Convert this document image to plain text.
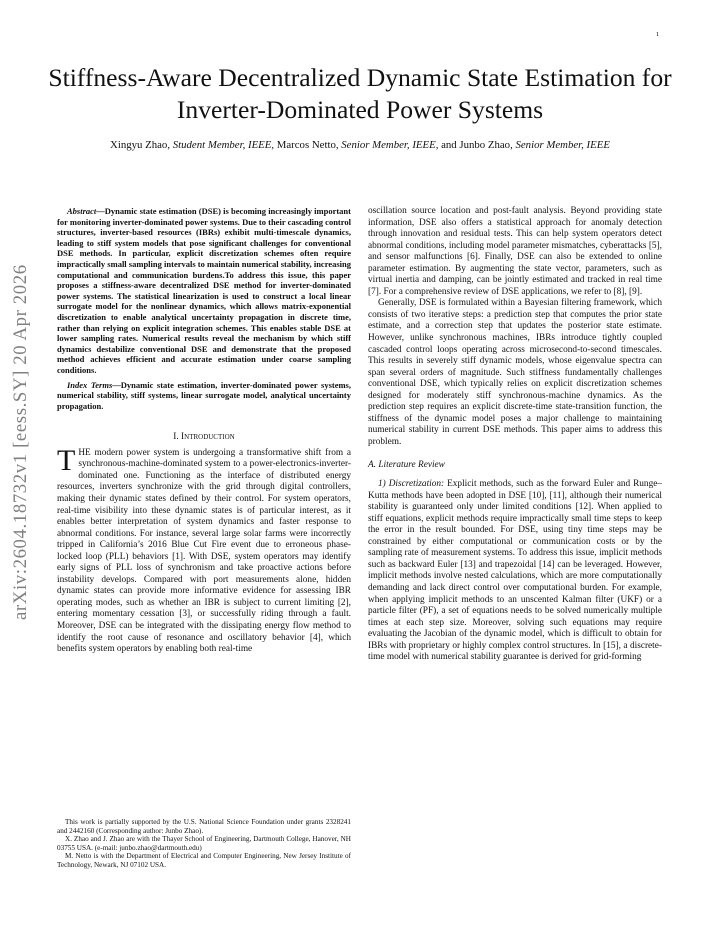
1
Stiffness-Aware Decentralized Dynamic State Estimation for Inverter-Dominated Power Systems
Xingyu Zhao, Student Member, IEEE, Marcos Netto, Senior Member, IEEE, and Junbo Zhao, Senior Member, IEEE
arXiv:2604.18732v1 [eess.SY] 20 Apr 2026

Abstract—Dynamic state estimation (DSE) is becoming increasingly important for monitoring inverter-dominated power systems. Due to their cascading control structures, inverter-based resources (IBRs) exhibit multi-timescale dynamics, leading to stiff system models that pose significant challenges for conventional DSE methods. In particular, explicit discretization schemes often require impractically small sampling intervals to maintain numerical stability, increasing computational and communication burdens.To address this issue, this paper proposes a stiffness-aware decentralized DSE method for inverter-dominated power systems. The statistical linearization is used to construct a local linear surrogate model for the nonlinear dynamics, which allows matrix-exponential discretization to enable analytical uncertainty propagation in discrete time, rather than relying on explicit integration schemes. This enables stable DSE at lower sampling rates. Numerical results reveal the mechanism by which stiff dynamics destabilize conventional DSE and demonstrate that the proposed method achieves efficient and accurate estimation under coarse sampling conditions.

Index Terms—Dynamic state estimation, inverter-dominated power systems, numerical stability, stiff systems, linear surrogate model, analytical uncertainty propagation.

I. Introduction

THE modern power system is undergoing a transformative shift from a synchronous-machine-dominated system to a power-electronics-inverter-dominated one. Functioning as the interface of distributed energy resources, inverters synchronize with the grid through digital controllers, making their dynamic states defined by their control. For system operators, real-time visibility into these dynamic states is of particular interest, as it enables better interpretation of system dynamics and faster response to abnormal conditions. For instance, several large solar farms were incorrectly tripped in California’s 2016 Blue Cut Fire event due to erroneous phase-locked loop (PLL) behaviors [1]. With DSE, system operators may identify early signs of PLL loss of synchronism and take proactive actions before instability develops. Compared with port measurements alone, hidden dynamic states can provide more informative evidence for assessing IBR operating modes, such as whether an IBR is subject to current limiting [2], entering momentary cessation [3], or successfully riding through a fault. Moreover, DSE can be integrated with the dissipating energy flow method to identify the root cause of resonance and oscillatory behavior [4], which benefits system operators by enabling both real-time

oscillation source location and post-fault analysis. Beyond providing state information, DSE also offers a statistical approach for anomaly detection through innovation and residual tests. This can help system operators detect abnormal conditions, including model parameter mismatches, cyberattacks [5], and sensor malfunctions [6]. Finally, DSE can also be extended to online parameter estimation. By augmenting the state vector, parameters, such as virtual inertia and damping, can be jointly estimated and tracked in real time [7]. For a comprehensive review of DSE applications, we refer to [8], [9].

Generally, DSE is formulated within a Bayesian filtering framework, which consists of two iterative steps: a prediction step that computes the prior state estimate, and a correction step that updates the posterior state estimate. However, unlike synchronous machines, IBRs introduce tightly coupled cascaded control loops operating across microsecond-to-second timescales. This results in severely stiff dynamic models, whose eigenvalue spectra can span several orders of magnitude. Such stiffness fundamentally challenges conventional DSE, which typically relies on explicit discretization schemes designed for moderately stiff synchronous-machine dynamics. As the prediction step requires an explicit discrete-time state-transition function, the stiffness of the dynamic model poses a major challenge to maintaining numerical stability in current DSE methods. This paper aims to address this problem.

A. Literature Review

1) Discretization: Explicit methods, such as the forward Euler and Runge–Kutta methods have been adopted in DSE [10], [11], although their numerical stability is guaranteed only under limited conditions [12]. When applied to stiff equations, explicit methods require impractically small time steps to keep the error in the result bounded. For DSE, using tiny time steps may be constrained by either computational or communication costs or by the sampling rate of measurement systems. To address this issue, implicit methods such as backward Euler [13] and trapezoidal [14] can be leveraged. However, implicit methods involve nested calculations, which are more computationally demanding and lack direct control over computational burden. For example, when applying implicit methods to an unscented Kalman filter (UKF) or a particle filter (PF), a set of equations needs to be solved numerically multiple times at each step size. Moreover, solving such equations may require evaluating the Jacobian of the dynamic model, which is difficult to obtain for IBRs with proprietary or highly complex control structures. In [15], a discrete-time model with numerical stability guarantee is derived for grid-forming

This work is partially supported by the U.S. National Science Foundation under grants 2328241 and 2442160 (Corresponding author: Junbo Zhao).

X. Zhao and J. Zhao are with the Thayer School of Engineering, Dartmouth College, Hanover, NH 03755 USA. (e-mail: junbo.zhao@dartmouth.edu)

M. Netto is with the Department of Electrical and Computer Engineering, New Jersey Institute of Technology, Newark, NJ 07102 USA.
